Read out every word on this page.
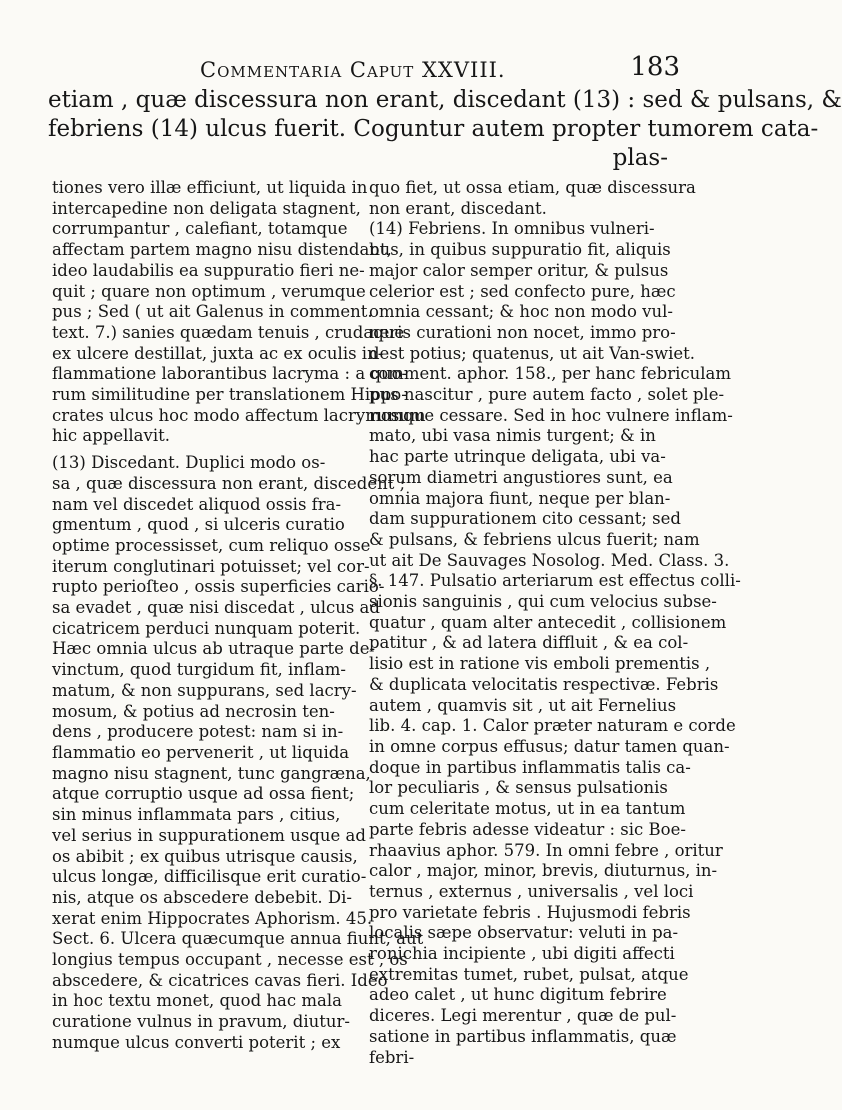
Commentaria Caput XXVIII.	183
etiam , quæ discessura non erant, discedant (13) : sed & pulsans, &
febriens (14) ulcus fuerit. Coguntur autem propter tumorem cata-
plas-
tiones vero illæ efficiunt, ut liquida in
intercapedine non deligata stagnent,
corrumpantur , calefiant, totamque
affectam partem magno nisu distendant,
ideo laudabilis ea suppuratio fieri ne-
quit ; quare non optimum , verumque
pus ; Sed ( ut ait Galenus in comment.
text. 7.) sanies quædam tenuis , crudaque
ex ulcere destillat, juxta ac ex oculis in-
flammatione laborantibus lacryma : a quo-
rum similitudine per translationem Hippo-
crates ulcus hoc modo affectum lacrymosum
hic appellavit.
(13) Discedant. Duplici modo os-
sa , quæ discessura non erant, discedent ;
nam vel discedet aliquod ossis fra-
gmentum , quod , si ulceris curatio
optime processisset, cum reliquo osse
iterum conglutinari potuisset; vel cor-
rupto perioſteo , ossis superficies cario-
sa evadet , quæ nisi discedat , ulcus ad
cicatricem perduci nunquam poterit.
Hæc omnia ulcus ab utraque parte de-
vinctum, quod turgidum fit, inflam-
matum, & non suppurans, sed lacry-
mosum, & potius ad necrosin ten-
dens , producere potest: nam si in-
flammatio eo pervenerit , ut liquida
magno nisu stagnent, tunc gangræna,
atque corruptio usque ad ossa fient;
sin minus inflammata pars , citius,
vel serius in suppurationem usque ad
os abibit ; ex quibus utrisque causis,
ulcus longæ, difficilisque erit curatio-
nis, atque os abscedere debebit. Di-
xerat enim Hippocrates Aphorism. 45.
Sect. 6. Ulcera quæcumque annua fiunt, aut
longius tempus occupant , necesse est , os
abscedere, & cicatrices cavas fieri. Ideo
in hoc textu monet, quod hac mala
curatione vulnus in pravum, diutur-
numque ulcus converti poterit ; ex
quo fiet, ut ossa etiam, quæ discessura
non erant, discedant.
(14) Febriens. In omnibus vulneri-
bus, in quibus suppuratio fit, aliquis
major calor semper oritur, & pulsus
celerior est ; sed confecto pure, hæc
omnia cessant; & hoc non modo vul-
neris curationi non nocet, immo pro-
dest potius; quatenus, ut ait Van-swiet.
comment. aphor. 158., per hanc febriculam
pus nascitur , pure autem facto , solet ple-
rumque cessare. Sed in hoc vulnere inflam-
mato, ubi vasa nimis turgent; & in
hac parte utrinque deligata, ubi va-
sorum diametri angustiores sunt, ea
omnia majora fiunt, neque per blan-
dam suppurationem cito cessant; sed
& pulsans, & febriens ulcus fuerit; nam
ut ait De Sauvages Nosolog. Med. Class. 3.
§. 147. Pulsatio arteriarum est effectus colli-
sionis sanguinis , qui cum velocius subse-
quatur , quam alter antecedit , collisionem
patitur , & ad latera diffluit , & ea col-
lisio est in ratione vis emboli prementis ,
& duplicata velocitatis respectivæ. Febris
autem , quamvis sit , ut ait Fernelius
lib. 4. cap. 1. Calor præter naturam e corde
in omne corpus effusus; datur tamen quan-
doque in partibus inflammatis talis ca-
lor peculiaris , & sensus pulsationis
cum celeritate motus, ut in ea tantum
parte febris adesse videatur : sic Boe-
rhaavius aphor. 579. In omni febre , oritur
calor , major, minor, brevis, diuturnus, in-
ternus , externus , universalis , vel loci
pro varietate febris . Hujusmodi febris
localis sæpe observatur: veluti in pa-
ronichia incipiente , ubi digiti affecti
extremitas tumet, rubet, pulsat, atque
adeo calet , ut hunc digitum febrire
diceres. Legi merentur , quæ de pul-
satione in partibus inflammatis, quæ
febri-
